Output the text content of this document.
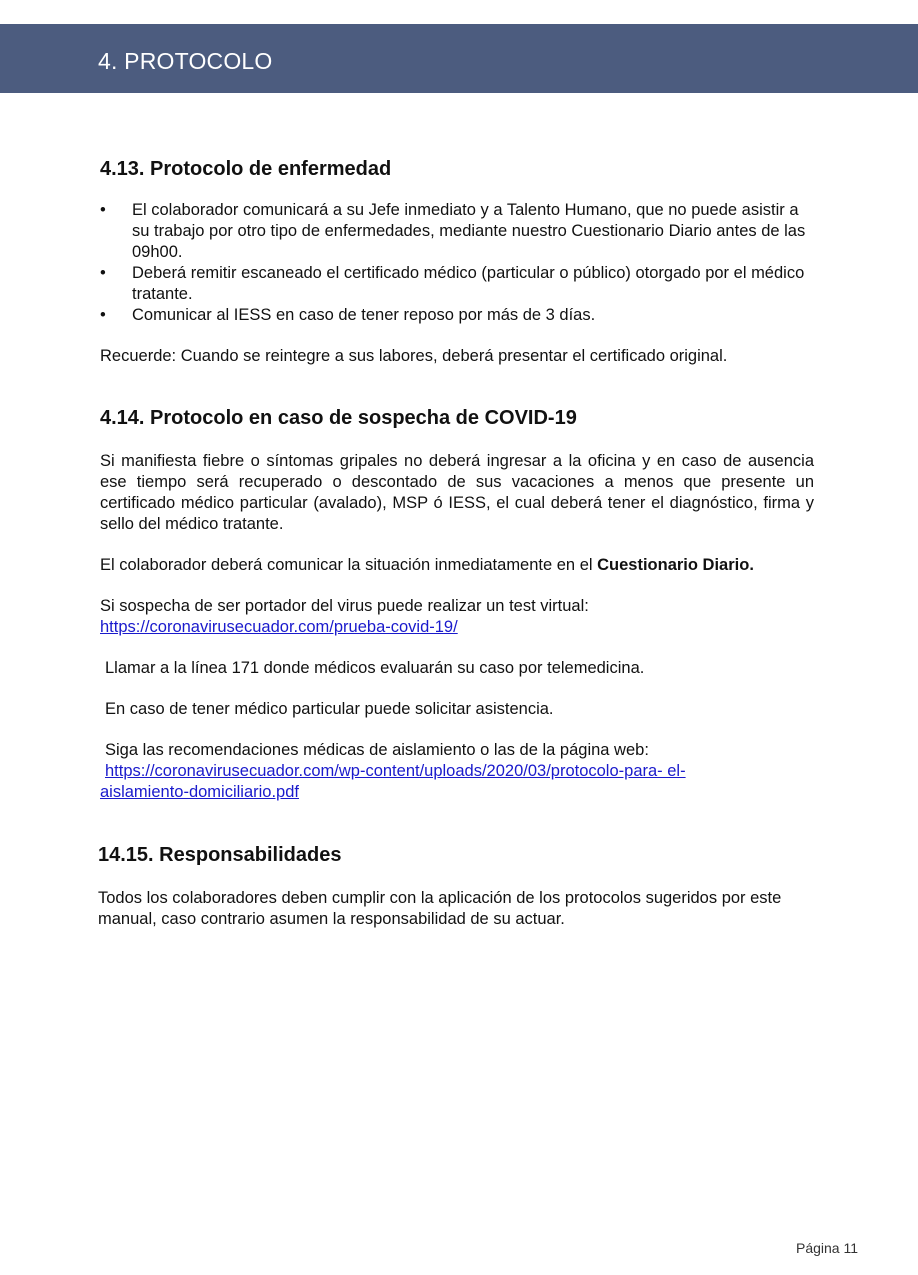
4. PROTOCOLO
4.13. Protocolo de enfermedad
• El colaborador comunicará a su Jefe inmediato y a Talento Humano, que no puede asistir a su trabajo por otro tipo de enfermedades, mediante nuestro Cuestionario Diario antes de las 09h00.
• Deberá remitir escaneado el certificado médico (particular o público) otorgado por el médico tratante.
• Comunicar al IESS en caso de tener reposo por más de 3 días.

Recuerde: Cuando se reintegre a sus labores, deberá presentar el certificado original.

4.14. Protocolo en caso de sospecha de COVID-19

Si manifiesta fiebre o síntomas gripales no deberá ingresar a la oficina y en caso de ausencia ese tiempo será recuperado o descontado de sus vacaciones a menos que presente un certificado médico particular (avalado), MSP ó IESS, el cual deberá tener el diagnóstico, firma y sello del médico tratante.

El colaborador deberá comunicar la situación inmediatamente en el Cuestionario Diario.

Si sospecha de ser portador del virus puede realizar un test virtual:

https://coronavirusecuador.com/prueba-covid-19/

Llamar a la línea 171 donde médicos evaluarán su caso por telemedicina.

En caso de tener médico particular puede solicitar asistencia.

Siga las recomendaciones médicas de aislamiento o las de la página web:

https://coronavirusecuador.com/wp-content/uploads/2020/03/protocolo-para- el-

aislamiento-domiciliario.pdf

14.15. Responsabilidades

Todos los colaboradores deben cumplir con la aplicación de los protocolos sugeridos por este manual, caso contrario asumen la responsabilidad de su actuar.

Página 11
